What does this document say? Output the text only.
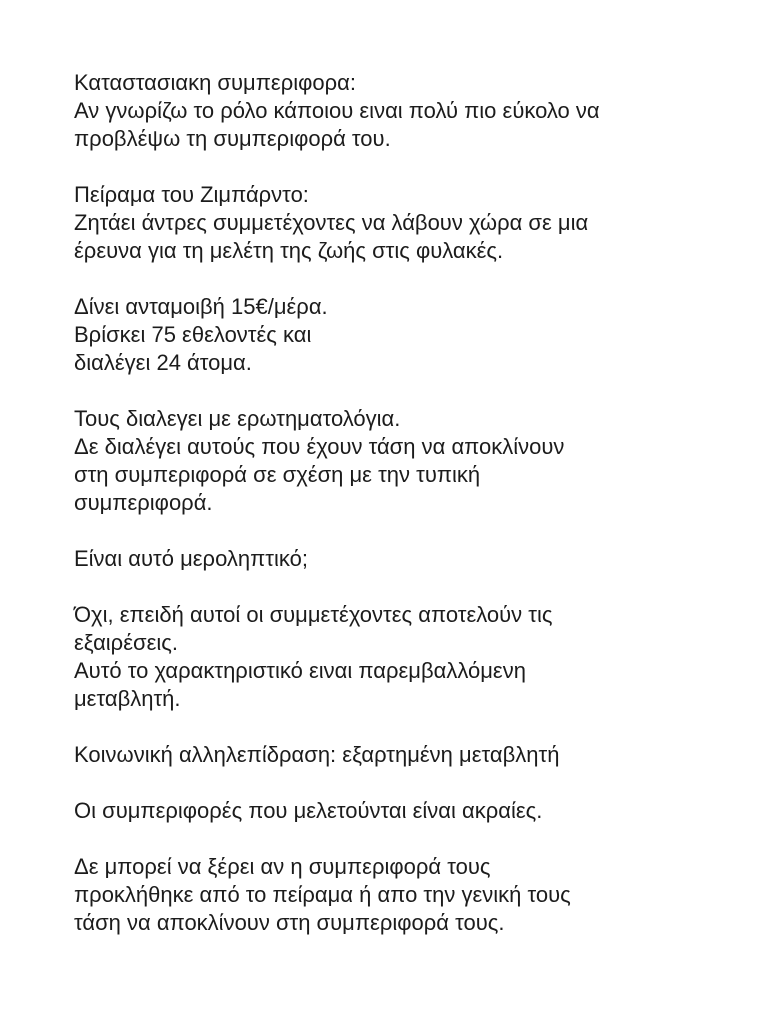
Καταστασιακη συμπεριφορα:
Αν γνωρίζω το ρόλο κάποιου ειναι πολύ πιο εύκολο να
προβλέψω τη συμπεριφορά του.
Πείραμα του Ζιμπάρντο:
Ζητάει άντρες συμμετέχοντες να λάβουν χώρα σε μια
έρευνα για τη μελέτη της ζωής στις φυλακές.
Δίνει ανταμοιβή 15€/μέρα.
Βρίσκει 75 εθελοντές και
διαλέγει 24 άτομα.
Τους διαλεγει με ερωτηματολόγια.
Δε διαλέγει αυτούς που έχουν τάση να αποκλίνουν
στη συμπεριφορά σε σχέση με την τυπική
συμπεριφορά.
Είναι αυτό μεροληπτικό;
Όχι, επειδή αυτοί οι συμμετέχοντες αποτελούν τις
εξαιρέσεις.
Αυτό το χαρακτηριστικό ειναι παρεμβαλλόμενη
μεταβλητή.
Κοινωνική αλληλεπίδραση: εξαρτημένη μεταβλητή
Οι συμπεριφορές που μελετούνται είναι ακραίες.
Δε μπορεί να ξέρει αν η συμπεριφορά τους
προκλήθηκε από το πείραμα ή απο την γενική τους
τάση να αποκλίνουν στη συμπεριφορά τους.
